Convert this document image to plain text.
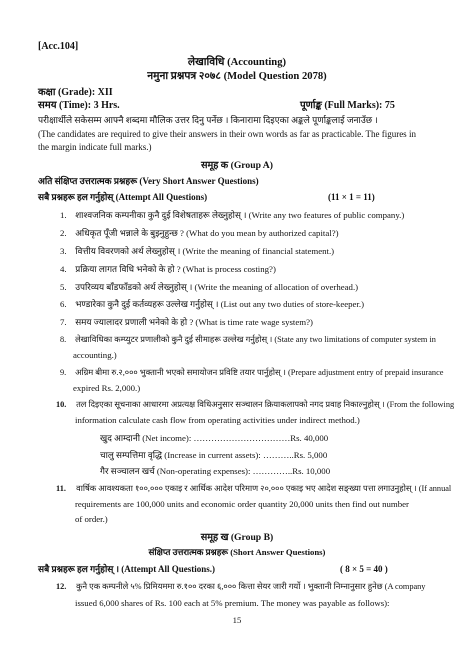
[Acc.104]
लेखाविधि (Accounting)
नमुना प्रश्नपत्र २०७८ (Model Question 2078)
कक्षा (Grade): XII
समय (Time): 3 Hrs.	पूर्णाङ्क (Full Marks): 75
परीक्षार्थीले सकेसम्म आफ्नै शब्दमा मौलिक उत्तर दिनु पर्नेछ । किनारामा दिइएका अङ्कले पूर्णाङ्कलाई जनाउँछ ।
(The candidates are required to give their answers in their own words as far as practicable. The figures in
the margin indicate full marks.)
समूह क (Group A)
अति संक्षिप्त उत्तरात्मक प्रश्नहरू (Very Short Answer Questions)
सबै प्रश्नहरू हल गर्नुहोस् (Attempt All Questions)	(11 × 1 = 11)
1. शाश्वजनिक कम्पनीका कुनै दुई विशेषताहरू लेख्नुहोस् । (Write any two features of public company.)
2. अधिकृत पूँजी भन्नाले के बुझ्नुहुन्छ ? (What do you mean by authorized capital?)
3. वित्तीय विवरणको अर्थ लेख्नुहोस् । (Write the meaning of financial statement.)
4. प्रक्रिया लागत विधि भनेको के हो ? (What is process costing?)
5. उपरिव्यय बाँडफाँडको अर्थ लेख्नुहोस् । (Write the meaning of allocation of overhead.)
6. भण्डारेका कुनै दुई कर्तव्यहरू उल्लेख गर्नुहोस् । (List out any two duties of store-keeper.)
7. समय ज्यालादर प्रणाली भनेको के हो ? (What is time rate wage system?)
8. लेखाविधिका कम्प्युटर प्रणालीको कुनै दुई सीमाहरू उल्लेख गर्नुहोस् । (State any two limitations of computer system in
accounting.)
9. अग्रिम बीमा रु.२,००० भुक्तानी भएको समायोजन प्रविष्टि तयार पार्नुहोस् । (Prepare adjustment entry of prepaid insurance
expired Rs. 2,000.)
10. तल दिइएका सूचनाका आधारमा अप्रत्यक्ष विधिअनुसार सञ्चालन क्रियाकलापको नगद प्रवाह निकाल्नुहोस् । (From the following
information calculate cash flow from operating activities under indirect method.)
खुद आम्दानी (Net income): ……………………………Rs. 40,000
चालु सम्पत्तिमा वृद्धि (Increase in current assets): ………..Rs. 5,000
गैर सञ्चालन खर्च (Non-operating expenses): …………..Rs. 10,000
11. वार्षिक आवश्यकता १००,००० एकाइ र आर्थिक आदेश परिमाण २०,००० एकाइ भए आदेश सङ्ख्या पत्ता लगाउनुहोस् । (If annual
requirements are 100,000 units and economic order quantity 20,000 units then find out number
of order.)
समूह ख (Group B)
संक्षिप्त उत्तरात्मक प्रश्नहरू (Short Answer Questions)
सबै प्रश्नहरू हल गर्नुहोस् । (Attempt All Questions.)	( 8 × 5 = 40 )
12. कुनै एक कम्पनीले ५% प्रिमियममा रु.१०० दरका ६,००० कित्ता सेयर जारी गर्यो । भुक्तानी निम्नानुसार हुनेछ (A company
issued 6,000 shares of Rs. 100 each at 5% premium. The money was payable as follows):
15
